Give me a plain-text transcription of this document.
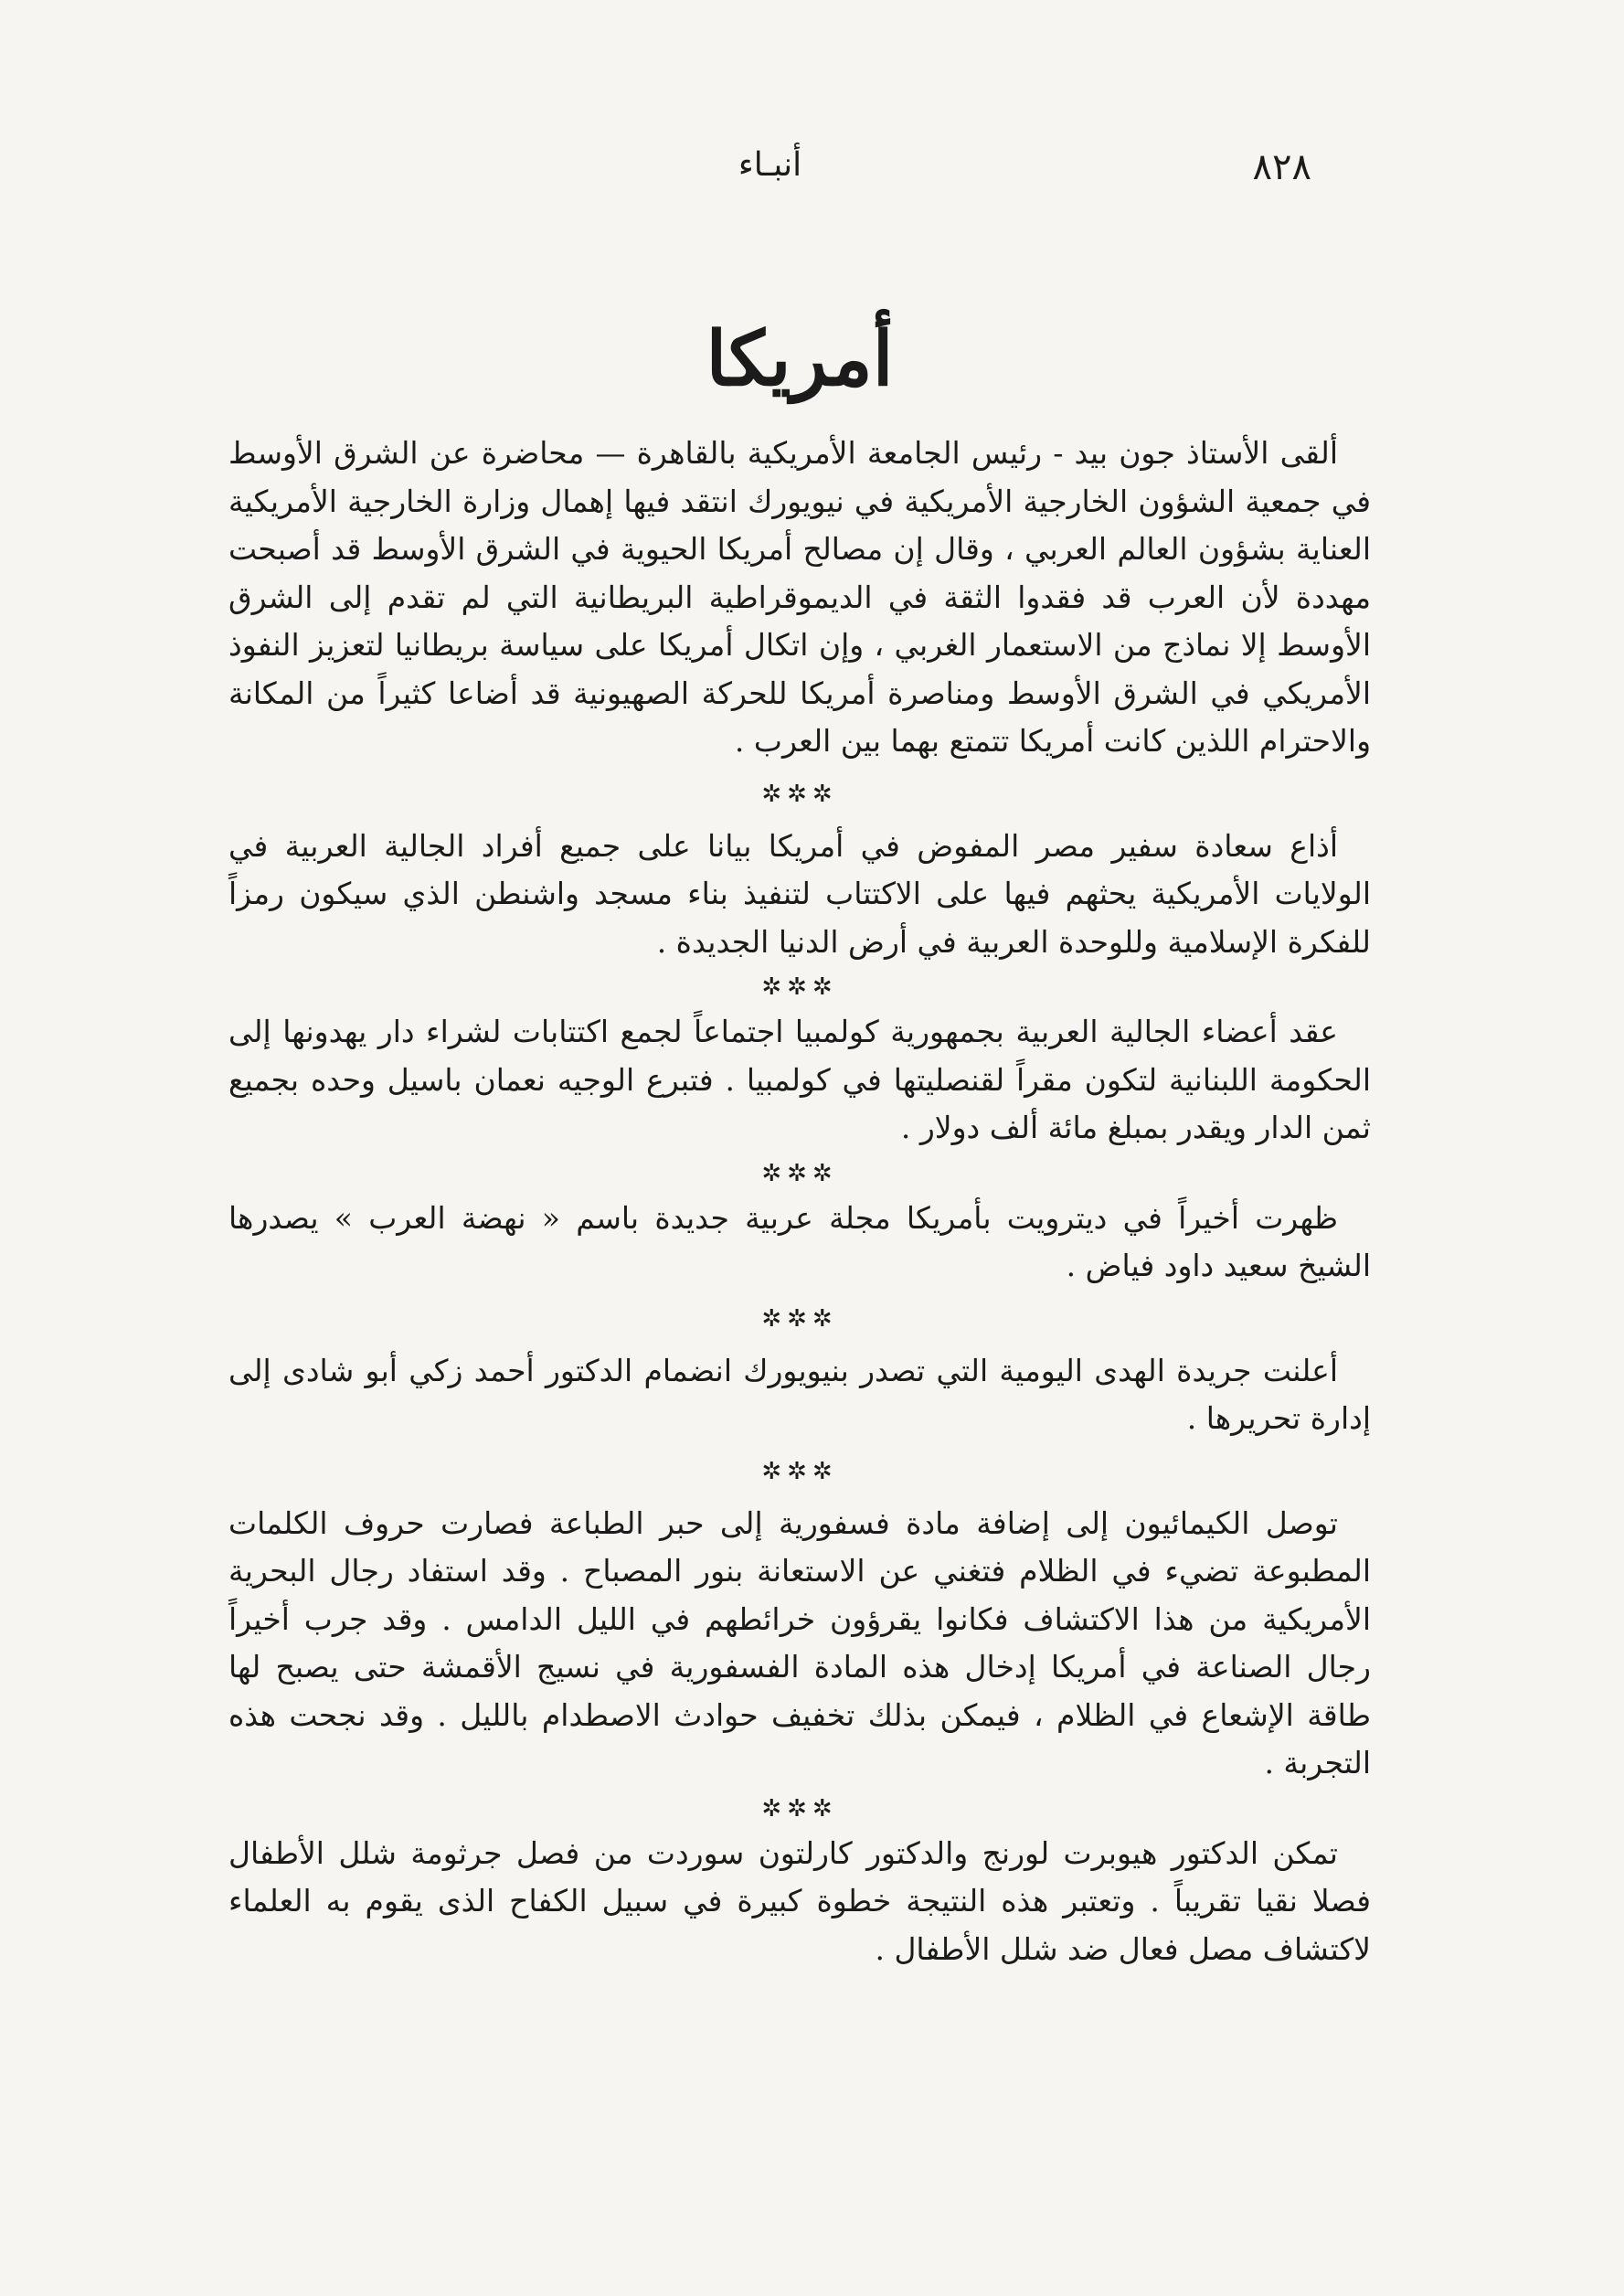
٨٢٨
أنبـاء
أمريكا

ألقى الأستاذ جون بيد - رئيس الجامعة الأمريكية بالقاهرة — محاضرة عن الشرق الأوسط في جمعية الشؤون الخارجية الأمريكية في نيويورك انتقد فيها إهمال وزارة الخارجية الأمريكية العناية بشؤون العالم العربي ، وقال إن مصالح أمريكا الحيوية في الشرق الأوسط قد أصبحت مهددة لأن العرب قد فقدوا الثقة في الديموقراطية البريطانية التي لم تقدم إلى الشرق الأوسط إلا نماذج من الاستعمار الغربي ، وإن اتكال أمريكا على سياسة بريطانيا لتعزيز النفوذ الأمريكي في الشرق الأوسط ومناصرة أمريكا للحركة الصهيونية قد أضاعا كثيراً من المكانة والاحترام اللذين كانت أمريكا تتمتع بهما بين العرب .

✲✲✲

أذاع سعادة سفير مصر المفوض في أمريكا بيانا على جميع أفراد الجالية العربية في الولايات الأمريكية يحثهم فيها على الاكتتاب لتنفيذ بناء مسجد واشنطن الذي سيكون رمزاً للفكرة الإسلامية وللوحدة العربية في أرض الدنيا الجديدة .

✲✲✲

عقد أعضاء الجالية العربية بجمهورية كولمبيا اجتماعاً لجمع اكتتابات لشراء دار يهدونها إلى الحكومة اللبنانية لتكون مقراً لقنصليتها في كولمبيا . فتبرع الوجيه نعمان باسيل وحده بجميع ثمن الدار ويقدر بمبلغ مائة ألف دولار .

✲✲✲

ظهرت أخيراً في ديترويت بأمريكا مجلة عربية جديدة باسم « نهضة العرب » يصدرها الشيخ سعيد داود فياض .

✲✲✲

أعلنت جريدة الهدى اليومية التي تصدر بنيويورك انضمام الدكتور أحمد زكي أبو شادى إلى إدارة تحريرها .

✲✲✲

توصل الكيمائيون إلى إضافة مادة فسفورية إلى حبر الطباعة فصارت حروف الكلمات المطبوعة تضيء في الظلام فتغني عن الاستعانة بنور المصباح . وقد استفاد رجال البحرية الأمريكية من هذا الاكتشاف فكانوا يقرؤون خرائطهم في الليل الدامس . وقد جرب أخيراً رجال الصناعة في أمريكا إدخال هذه المادة الفسفورية في نسيج الأقمشة حتى يصبح لها طاقة الإشعاع في الظلام ، فيمكن بذلك تخفيف حوادث الاصطدام بالليل . وقد نجحت هذه التجربة .

✲✲✲

تمكن الدكتور هيوبرت لورنج والدكتور كارلتون سوردت من فصل جرثومة شلل الأطفال فصلا نقيا تقريباً . وتعتبر هذه النتيجة خطوة كبيرة في سبيل الكفاح الذى يقوم به العلماء لاكتشاف مصل فعال ضد شلل الأطفال .
